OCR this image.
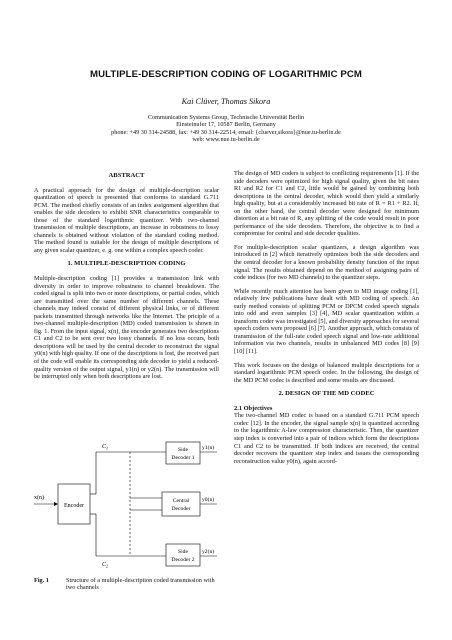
MULTIPLE-DESCRIPTION CODING OF LOGARITHMIC PCM
Kai Clüver, Thomas Sikora
Communication Systems Group, Technische Universität Berlin
Einsteinufer 17, 10587 Berlin, Germany
phone: +49 30 314-24588, fax: +49 30 314-22514, email: {cluever,sikora}@nue.tu-berlin.de
web: www.nue.tu-berlin.de
ABSTRACT

A practical approach for the design of multiple-description scalar quantization of speech is presented that conforms to standard G.711 PCM. The method chiefly consists of an index assignment algorithm that enables the side decoders to exhibit SNR characteristics comparable to those of the standard logarithmic quantizer. With two-channel transmission of multiple descriptions, an increase in robustness to lossy channels is obtained without violation of the standard coding method. The method found is suitable for the design of multiple descriptions of any given scalar quantizer, e. g. one within a complex speech coder.

1. MULTIPLE-DESCRIPTION CODING

Multiple-description coding [1] provides a transmission link with diversity in order to improve robustness to channel breakdown. The coded signal is split into two or more descriptions, or partial codes, which are transmitted over the same number of different channels. These channels may indeed consist of different physical links, or of different packets transmitted through networks like the Internet. The priciple of a two-channel multiple-description (MD) coded transmission is shown in fig. 1. From the input signal, x(n), the encoder generates two descriptions C1 and C2 to be sent over two lossy channels. If no loss occurs, both descriptions will be used by the central decoder to reconstruct the signal y0(n) with high quality. If one of the descriptions is lost, the received part of the code will enable its corresponding side decoder to yield a reduced-quality version of the output signal, y1(n) or y2(n). The transmission will be interrupted only when both descriptions are lost.

x(n)
Encoder
$C_1$
$C_2$
Side
Decoder 1
Central
Decoder
Side
Decoder 2
y1(n)
y0(n)
y2(n)
Fig. 1	Structure of a multiple-description coded transmission with two channels

The design of MD coders is subject to conflicting requirements [1]. If the side decoders were optimized for high signal quality, given the bit rates R1 and R2 for C1 and C2, little would be gained by combining both descriptions in the central decoder, which would then yield a similarly high quality, but at a considerably increased bit rate of R = R1 + R2. If, on the other hand, the central decoder were designed for minimum distortion at a bit rate of R, any splitting of the code would result in poor performance of the side decoders. Therefore, the objective is to find a compromise for central and side decoder qualities.

For multiple-description scalar quantizers, a design algorithm was introduced in [2] which iteratively optimizes both the side decoders and the central decoder for a known probability density function of the input signal. The results obtained depend on the method of assigning pairs of code indices (for two MD channels) to the quantizer steps.

While recently much attention has been given to MD image coding [1], relatively few publications have dealt with MD coding of speech. An early method consists of splitting PCM or DPCM coded speech signals into odd and even samples [3] [4], MD scalar quantization within a transform coder was investigated [5], and diversity approaches for several speech coders were proposed [6] [7]. Another approach, which consists of transmission of the full-rate coded speech signal and low-rate additional information via two channels, results in unbalanced MD codes [8] [9] [10] [11].

This work focuses on the design of balanced multiple descriptions for a standard logarithmic PCM speech codec. In the following, the design of the MD PCM codec is described and some results are discussed.

2. DESIGN OF THE MD CODEC
2.1 Objectives

The two-channel MD codec is based on a standard G.711 PCM speech codec [12]. In the encoder, the signal sample x(n) is quantized according to the logarithmic A-law compression characteristic. Then, the quantizer step index is converted into a pair of indices which form the descriptions C1 and C2 to be transmitted. If both indices are received, the central decoder recovers the quantizer step index and issues the corresponding reconstruction value y0(n), again accord-
